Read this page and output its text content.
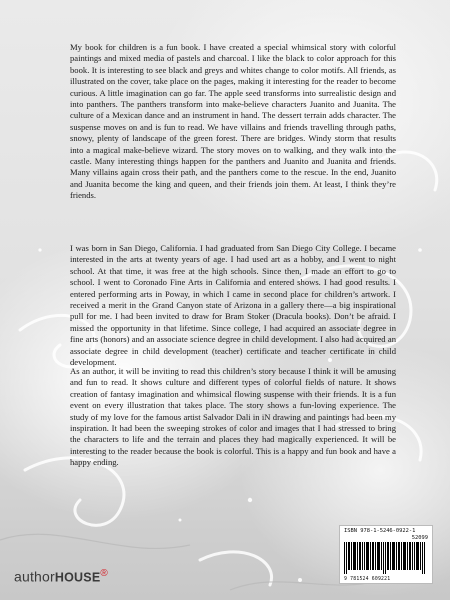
My book for children is a fun book. I have created a special whimsical story with colorful paintings and mixed media of pastels and charcoal. I like the black to color approach for this book. It is interesting to see black and greys and whites change to color motifs. All friends, as illustrated on the cover, take place on the pages, making it interesting for the reader to become curious. A little imagination can go far. The apple seed transforms into surrealistic design and into panthers. The panthers transform into make-believe characters Juanito and Juanita. The culture of a Mexican dance and an instrument in hand. The dessert terrain adds character. The suspense moves on and is fun to read. We have villains and friends travelling through paths, snowy, plenty of landscape of the green forest. There are bridges. Windy storm that results into a magical make-believe wizard. The story moves on to walking, and they walk into the castle. Many interesting things happen for the panthers and Juanito and Juanita and friends. Many villains again cross their path, and the panthers come to the rescue. In the end, Juanito and Juanita become the king and queen, and their friends join them. At least, I think they’re friends.

I was born in San Diego, California. I had graduated from San Diego City College. I became interested in the arts at twenty years of age. I had used art as a hobby, and I went to night school. At that time, it was free at the high schools. Since then, I made an effort to go to school. I went to Coronado Fine Arts in California and entered shows. I had good results. I entered performing arts in Poway, in which I came in second place for children’s artwork. I received a merit in the Grand Canyon state of Arizona in a gallery there—a big inspirational pull for me. I had been invited to draw for Bram Stoker (Dracula books). Don’t be afraid. I missed the opportunity in that lifetime. Since college, I had acquired an associate degree in fine arts (honors) and an associate science degree in child development. I also had acquired an associate degree in child development (teacher) certificate and teacher certificate in child development.

As an author, it will be inviting to read this children’s story because I think it will be amusing and fun to read. It shows culture and different types of colorful fields of nature. It shows creation of fantasy imagination and whimsical flowing suspense with their friends. It is a fun event on every illustration that takes place. The story shows a fun-loving experience. The study of my love for the famous artist Salvador Dali in iN drawing and paintings had been my inspiration. It had been the sweeping strokes of color and images that I had stressed to bring the characters to life and the terrain and places they had magically experienced. It will be interesting to the reader because the book is colorful. This is a happy and fun book and have a happy ending.

ISBN 978-1-5246-0922-1
52099
9 781524 609221
authorHOUSE®
